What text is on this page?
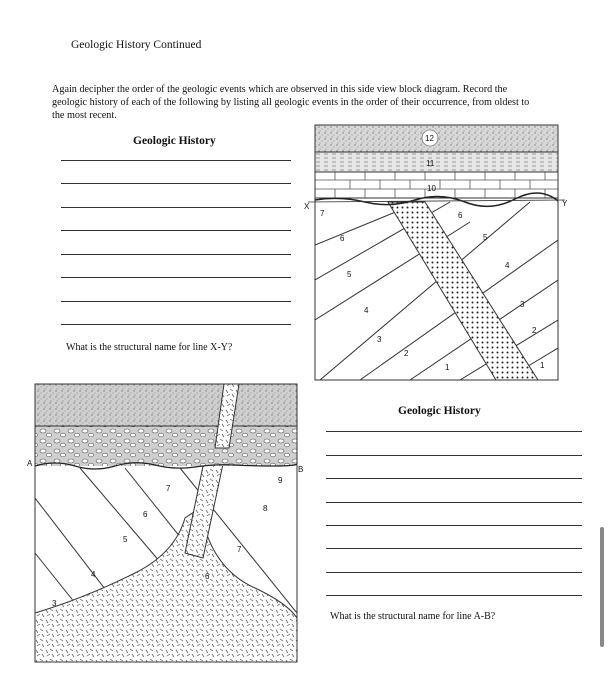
Geologic History Continued
Again decipher the order of the geologic events which are observed in this side view block diagram. Record the geologic history of each of the following by listing all geologic events in the order of their occurrence, from oldest to the most recent.
Geologic History
What is the structural name for line X-Y?
X	Y
12
11
10
7
6
6
5
5
4
4
3
3
2
2
1	1
A
B
9
8
7
7
6
6
5
4
3
Geologic History
What is the structural name for line A-B?
